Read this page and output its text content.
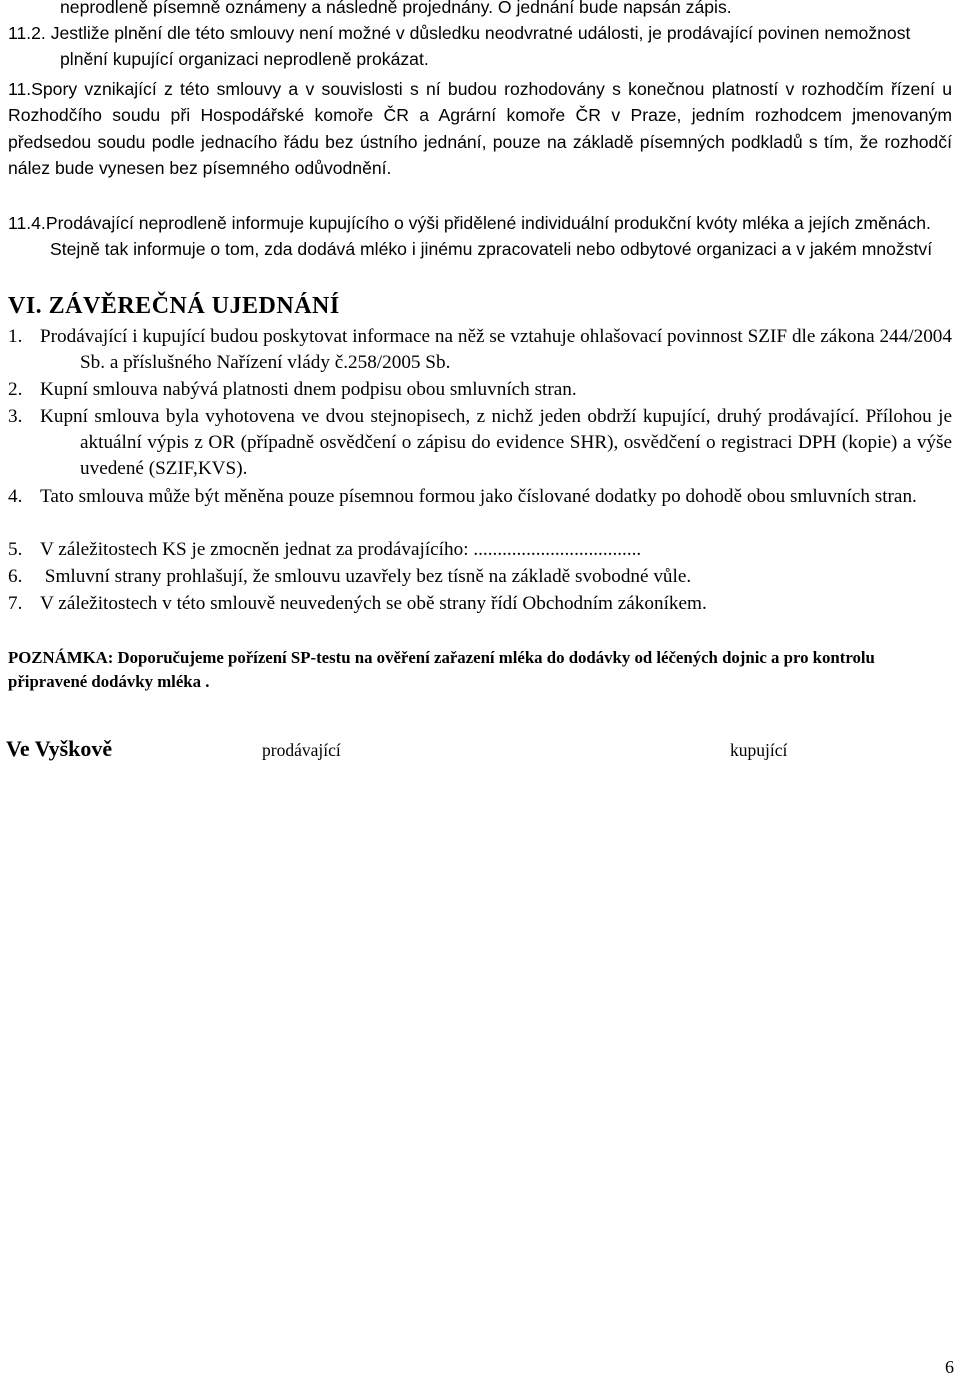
neprodleně písemně oznámeny a následně projednány. O jednání bude napsán zápis.

11.2. Jestliže plnění dle této smlouvy není možné v důsledku neodvratné události, je prodávající povinen nemožnost plnění kupující organizaci neprodleně prokázat.

11.Spory vznikající z této smlouvy a v souvislosti s ní budou rozhodovány s konečnou platností v rozhodčím řízení u Rozhodčího soudu při Hospodářské komoře ČR a Agrární komoře ČR v Praze, jedním rozhodcem jmenovaným předsedou soudu podle jednacího řádu bez ústního jednání, pouze na základě písemných podkladů s tím, že rozhodčí nález bude vynesen bez písemného odůvodnění.

11.4.Prodávající neprodleně informuje kupujícího o výši přidělené individuální produkční kvóty mléka a jejích změnách. Stejně tak informuje o tom, zda dodává mléko i jinému zpracovateli nebo odbytové organizaci a v jakém množství

VI. ZÁVĚREČNÁ UJEDNÁNÍ

1. Prodávající i kupující budou poskytovat informace na něž se vztahuje ohlašovací povinnost SZIF dle zákona 244/2004 Sb. a příslušného Nařízení vlády č.258/2005 Sb.
2. Kupní smlouva nabývá platnosti dnem podpisu obou smluvních stran.
3. Kupní smlouva byla vyhotovena ve dvou stejnopisech, z nichž jeden obdrží kupující, druhý prodávající. Přílohou je aktuální výpis z OR (případně osvědčení o zápisu do evidence SHR), osvědčení o registraci DPH (kopie) a výše uvedené (SZIF,KVS).
4. Tato smlouva může být měněna pouze písemnou formou jako číslované dodatky po dohodě obou smluvních stran.
5. V záležitostech KS je zmocněn jednat za prodávajícího: ...................................
6. Smluvní strany prohlašují, že smlouvu uzavřely bez tísně na základě svobodné vůle.
7. V záležitostech v této smlouvě neuvedených se obě strany řídí Obchodním zákoníkem.

POZNÁMKA: Doporučujeme pořízení SP-testu na ověření zařazení mléka do dodávky od léčených dojnic a pro kontrolu připravené dodávky mléka .

Ve Vyškově	prodávající	kupující
6
